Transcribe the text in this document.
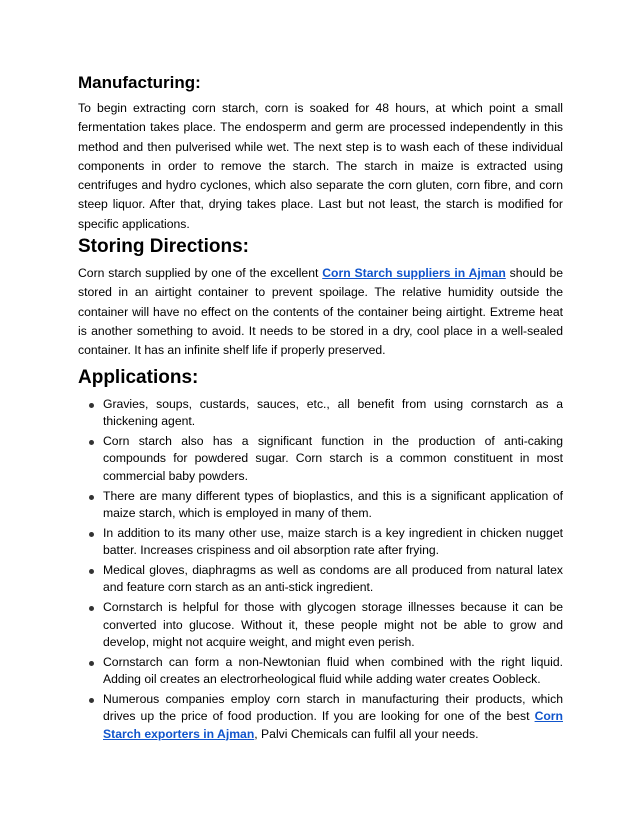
Manufacturing:

To begin extracting corn starch, corn is soaked for 48 hours, at which point a small fermentation takes place. The endosperm and germ are processed independently in this method and then pulverised while wet. The next step is to wash each of these individual components in order to remove the starch. The starch in maize is extracted using centrifuges and hydro cyclones, which also separate the corn gluten, corn fibre, and corn steep liquor. After that, drying takes place. Last but not least, the starch is modified for specific applications.

Storing Directions:

Corn starch supplied by one of the excellent Corn Starch suppliers in Ajman should be stored in an airtight container to prevent spoilage. The relative humidity outside the container will have no effect on the contents of the container being airtight. Extreme heat is another something to avoid. It needs to be stored in a dry, cool place in a well-sealed container. It has an infinite shelf life if properly preserved.

Applications:
Gravies, soups, custards, sauces, etc., all benefit from using cornstarch as a thickening agent.
Corn starch also has a significant function in the production of anti-caking compounds for powdered sugar. Corn starch is a common constituent in most commercial baby powders.
There are many different types of bioplastics, and this is a significant application of maize starch, which is employed in many of them.
In addition to its many other use, maize starch is a key ingredient in chicken nugget batter. Increases crispiness and oil absorption rate after frying.
Medical gloves, diaphragms as well as condoms are all produced from natural latex and feature corn starch as an anti-stick ingredient.
Cornstarch is helpful for those with glycogen storage illnesses because it can be converted into glucose. Without it, these people might not be able to grow and develop, might not acquire weight, and might even perish.
Cornstarch can form a non-Newtonian fluid when combined with the right liquid. Adding oil creates an electrorheological fluid while adding water creates Oobleck.
Numerous companies employ corn starch in manufacturing their products, which drives up the price of food production. If you are looking for one of the best Corn Starch exporters in Ajman, Palvi Chemicals can fulfil all your needs.
